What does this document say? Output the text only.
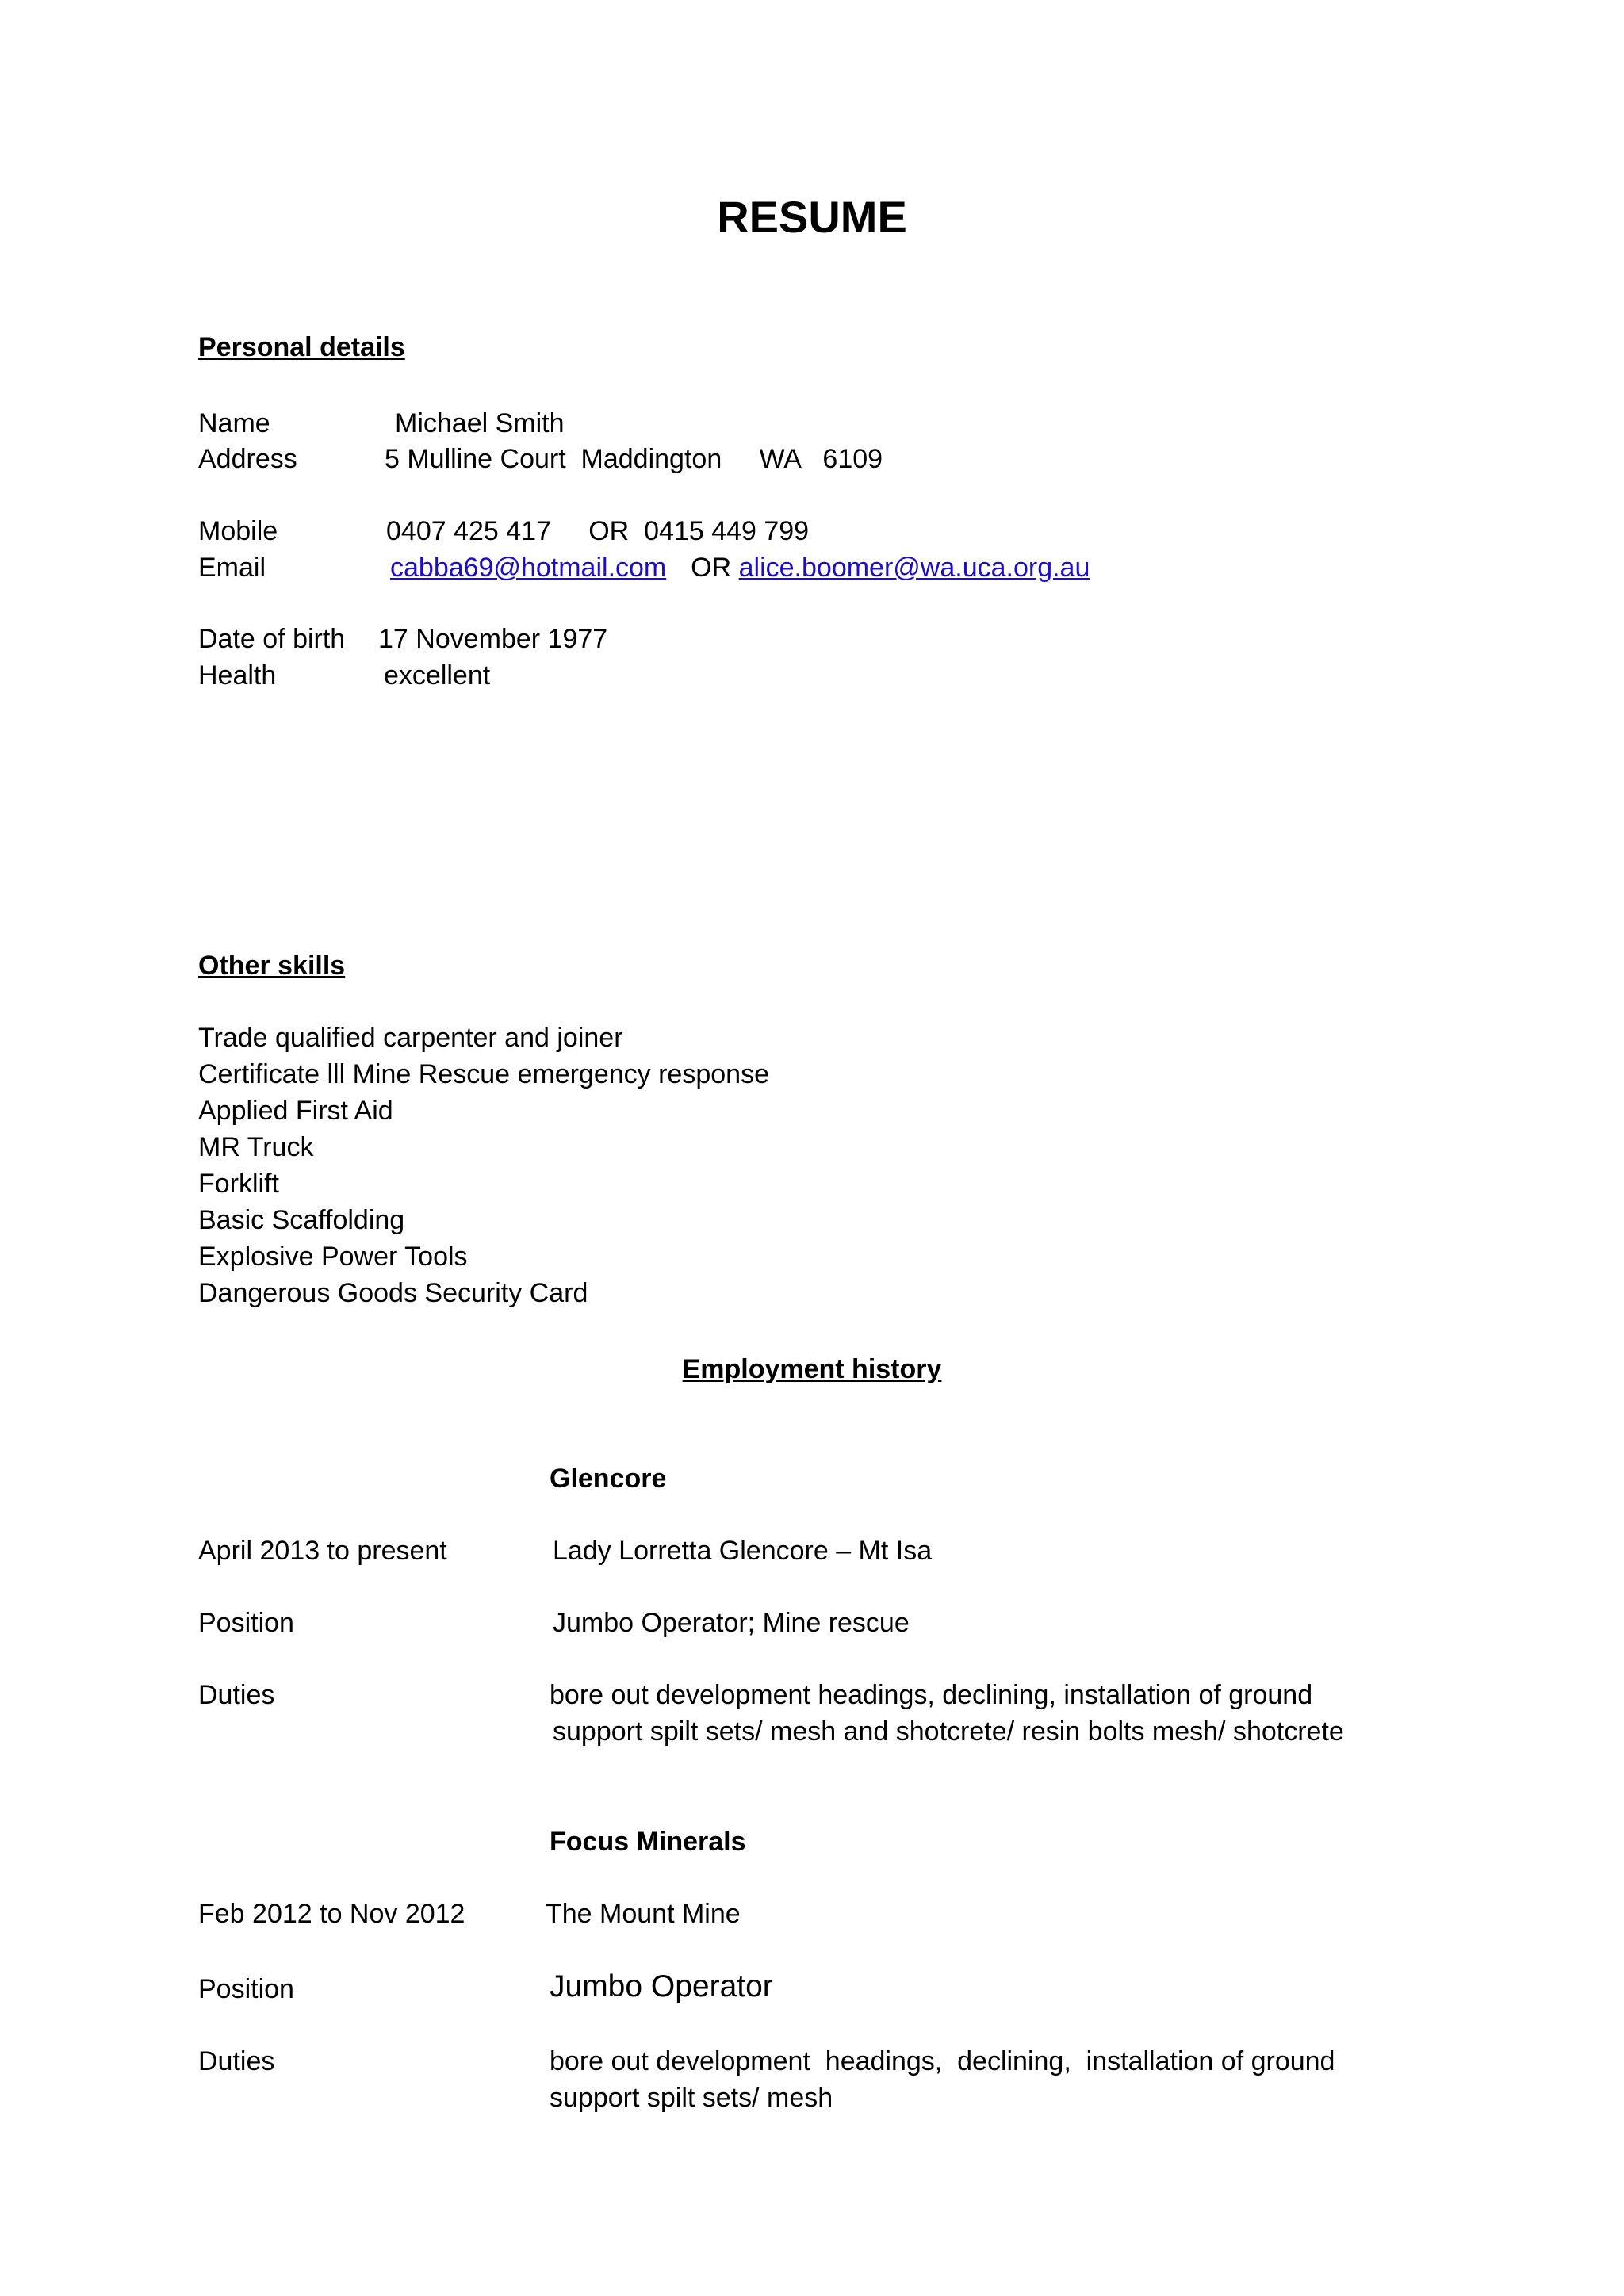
RESUME
Personal details
Name	Michael Smith
Address	5 Mulline Court  Maddington     WA   6109
Mobile	0407 425 417     OR  0415 449 799
Email	cabba69@hotmail.com OR alice.boomer@wa.uca.org.au
Date of birth 17 November 1977
Health	excellent
Other skills
Trade qualified carpenter and joiner
Certificate lll Mine Rescue emergency response
Applied First Aid
MR Truck
Forklift
Basic Scaffolding
Explosive Power Tools
Dangerous Goods Security Card
Employment history
Glencore
April 2013 to present	Lady Lorretta Glencore – Mt Isa
Position	Jumbo Operator; Mine rescue
Duties	bore out development headings, declining, installation of ground
support spilt sets/ mesh and shotcrete/ resin bolts mesh/ shotcrete
Focus Minerals
Feb 2012 to Nov 2012	The Mount Mine
Position	Jumbo Operator
Duties	bore out development  headings,  declining,  installation of ground
support spilt sets/ mesh
